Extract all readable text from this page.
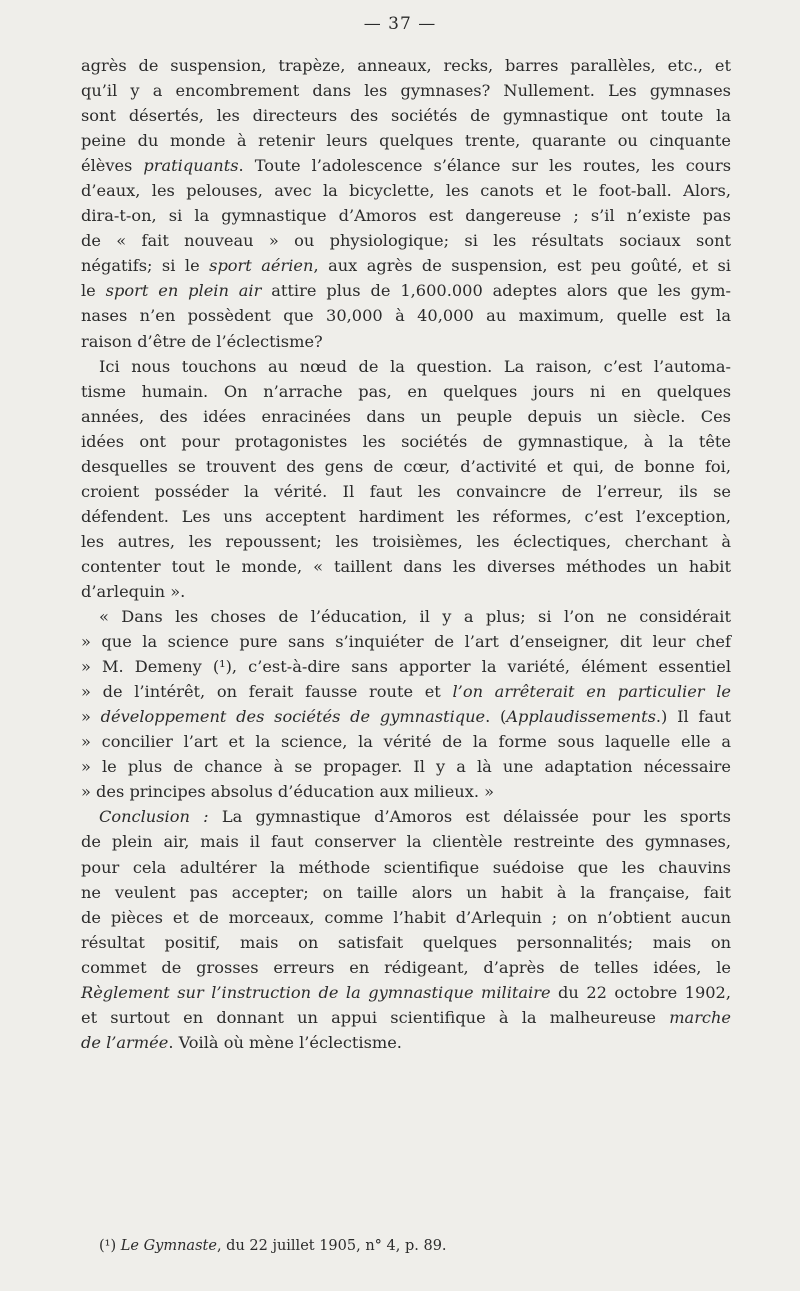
— 37 —
agrès de suspension, trapèze, anneaux, recks, barres parallèles, etc., et
qu’il y a encombrement dans les gymnases? Nullement. Les gymnases
sont désertés, les directeurs des sociétés de gymnastique ont toute la
peine du monde à retenir leurs quelques trente, quarante ou cinquante
élèves pratiquants. Toute l’adolescence s’élance sur les routes, les cours
d’eaux, les pelouses, avec la bicyclette, les canots et le foot-ball. Alors,
dira-t-on, si la gymnastique d’Amoros est dangereuse ; s’il n’existe pas
de « fait nouveau » ou physiologique; si les résultats sociaux sont
négatifs; si le sport aérien, aux agrès de suspension, est peu goûté, et si
le sport en plein air attire plus de 1,600.000 adeptes alors que les gym-
nases n’en possèdent que 30,000 à 40,000 au maximum, quelle est la
raison d’être de l’éclectisme?
Ici nous touchons au nœud de la question. La raison, c’est l’automa-
tisme humain. On n’arrache pas, en quelques jours ni en quelques
années, des idées enracinées dans un peuple depuis un siècle. Ces
idées ont pour protagonistes les sociétés de gymnastique, à la tête
desquelles se trouvent des gens de cœur, d’activité et qui, de bonne foi,
croient posséder la vérité. Il faut les convaincre de l’erreur, ils se
défendent. Les uns acceptent hardiment les réformes, c’est l’exception,
les autres, les repoussent; les troisièmes, les éclectiques, cherchant à
contenter tout le monde, « taillent dans les diverses méthodes un habit
d’arlequin ».
« Dans les choses de l’éducation, il y a plus; si l’on ne considérait
» que la science pure sans s’inquiéter de l’art d’enseigner, dit leur chef
» M. Demeny (¹), c’est-à-dire sans apporter la variété, élément essentiel
» de l’intérêt, on ferait fausse route et l’on arrêterait en particulier le
» développement des sociétés de gymnastique. (Applaudissements.) Il faut
» concilier l’art et la science, la vérité de la forme sous laquelle elle a
» le plus de chance à se propager. Il y a là une adaptation nécessaire
» des principes absolus d’éducation aux milieux. »
Conclusion : La gymnastique d’Amoros est délaissée pour les sports
de plein air, mais il faut conserver la clientèle restreinte des gymnases,
pour cela adultérer la méthode scientifique suédoise que les chauvins
ne veulent pas accepter; on taille alors un habit à la française, fait
de pièces et de morceaux, comme l’habit d’Arlequin ; on n’obtient aucun
résultat positif, mais on satisfait quelques personnalités; mais on
commet de grosses erreurs en rédigeant, d’après de telles idées, le
Règlement sur l’instruction de la gymnastique militaire du 22 octobre 1902,
et surtout en donnant un appui scientifique à la malheureuse marche
de l’armée. Voilà où mène l’éclectisme.
(¹) Le Gymnaste, du 22 juillet 1905, n° 4, p. 89.
